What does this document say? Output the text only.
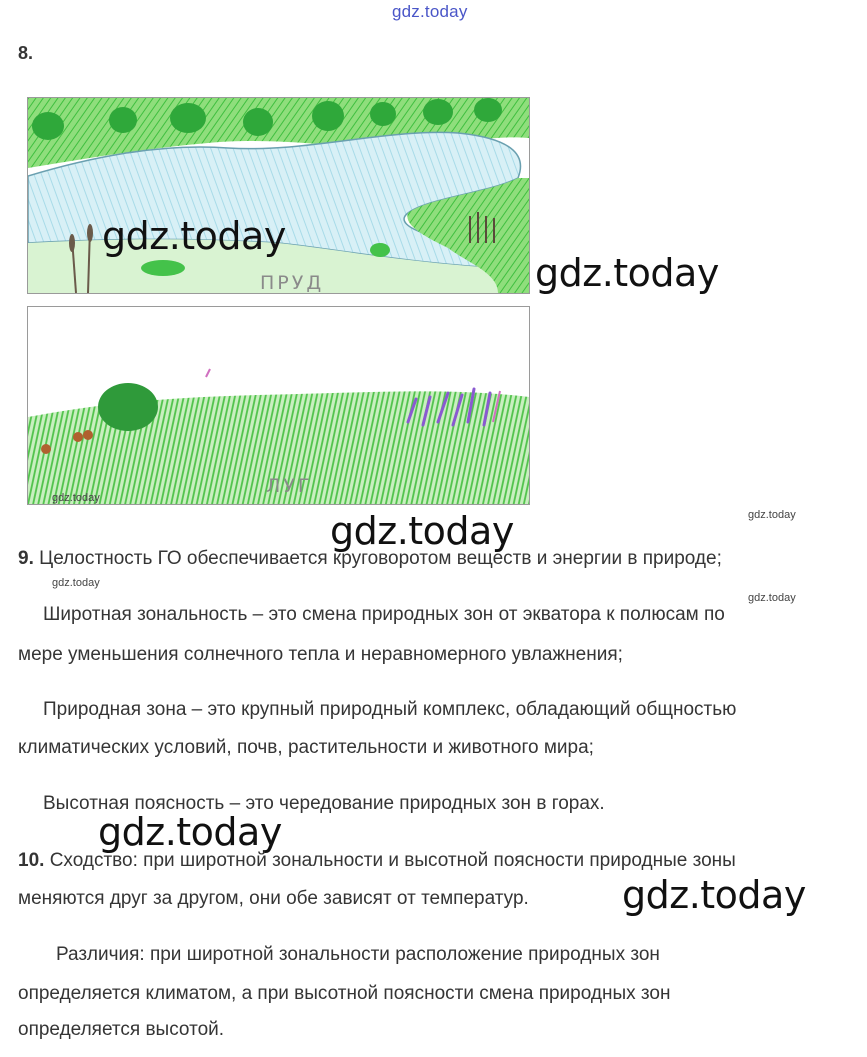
gdz.today
8.
ПРУД
ЛУГ
gdz.today
gdz.today
gdz.today
gdz.today
gdz.today
gdz.today
gdz.today
gdz.today
gdz.today
9. Целостность ГО обеспечивается круговоротом веществ и энергии в природе;
Широтная зональность – это смена природных зон от экватора к полюсам по
мере уменьшения солнечного тепла и неравномерного увлажнения;
Природная зона – это крупный природный комплекс, обладающий общностью
климатических условий, почв, растительности и животного мира;
Высотная поясность – это чередование природных зон в горах.
10. Сходство: при широтной зональности и высотной поясности природные зоны
меняются друг за другом, они обе зависят от температур.
Различия: при широтной зональности расположение природных зон
определяется климатом, а при высотной поясности смена природных зон
определяется высотой.
